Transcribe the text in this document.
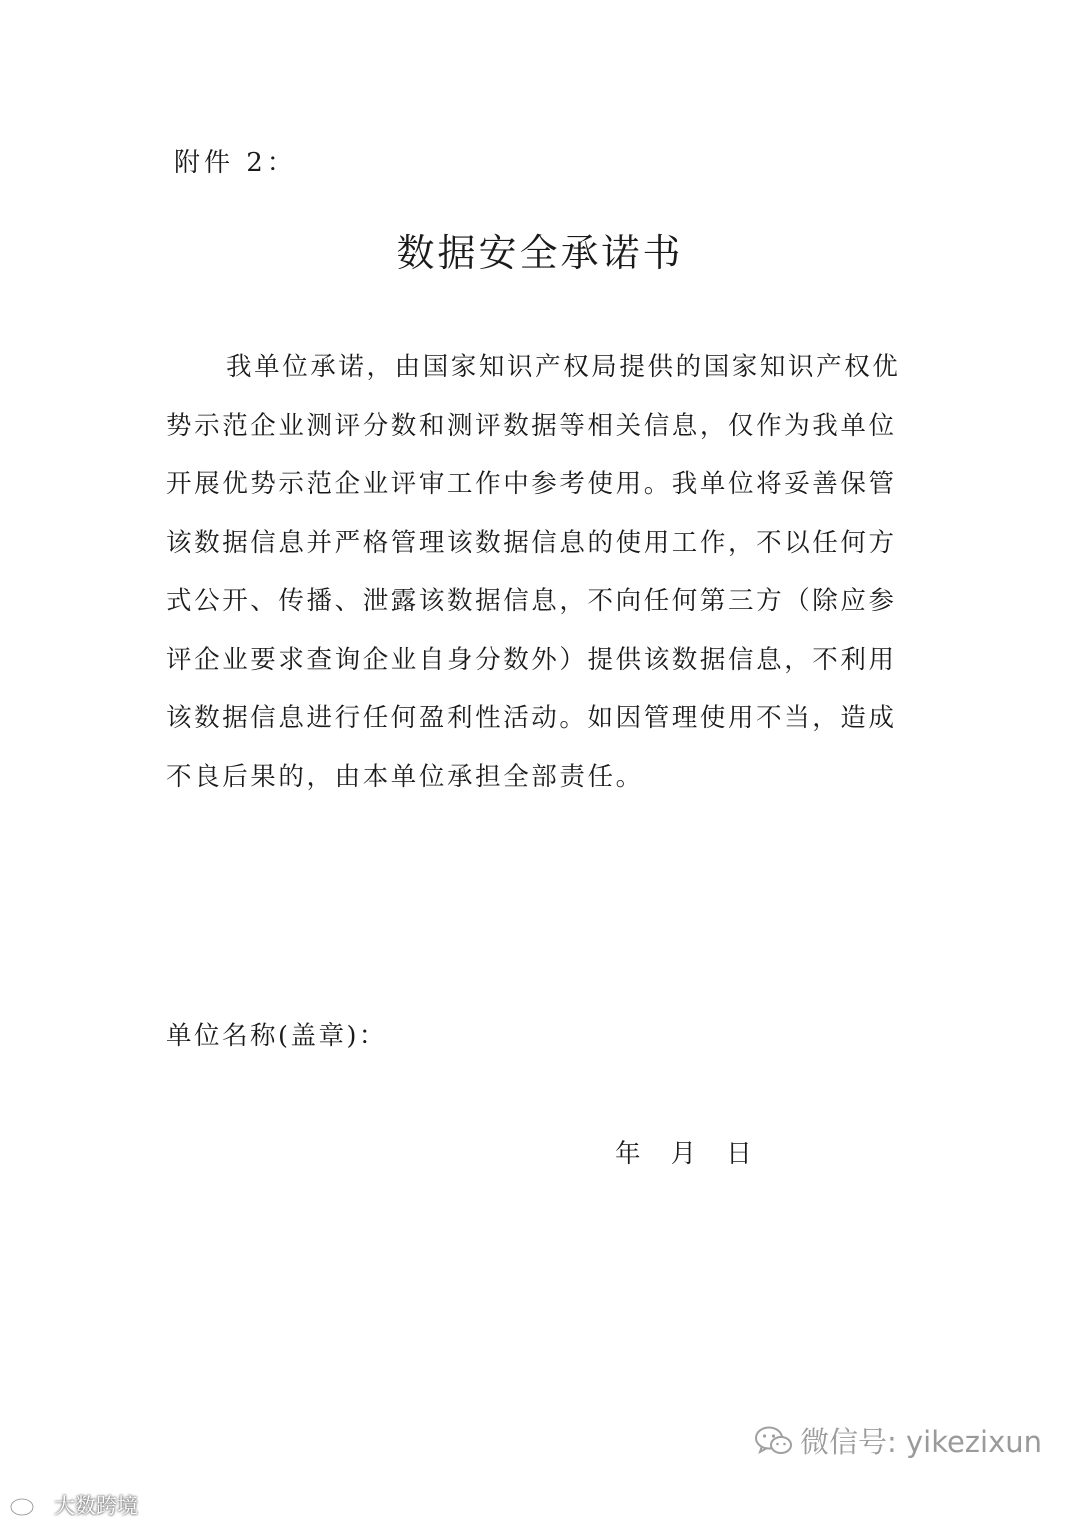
附件 2：
数据安全承诺书
我单位承诺，由国家知识产权局提供的国家知识产权优
势示范企业测评分数和测评数据等相关信息，仅作为我单位
开展优势示范企业评审工作中参考使用。我单位将妥善保管
该数据信息并严格管理该数据信息的使用工作，不以任何方
式公开、传播、泄露该数据信息，不向任何第三方（除应参
评企业要求查询企业自身分数外）提供该数据信息，不利用
该数据信息进行任何盈利性活动。如因管理使用不当，造成
不良后果的，由本单位承担全部责任。
单位名称(盖章)：
年 月 日
微信号: yikezixun
大数跨境
